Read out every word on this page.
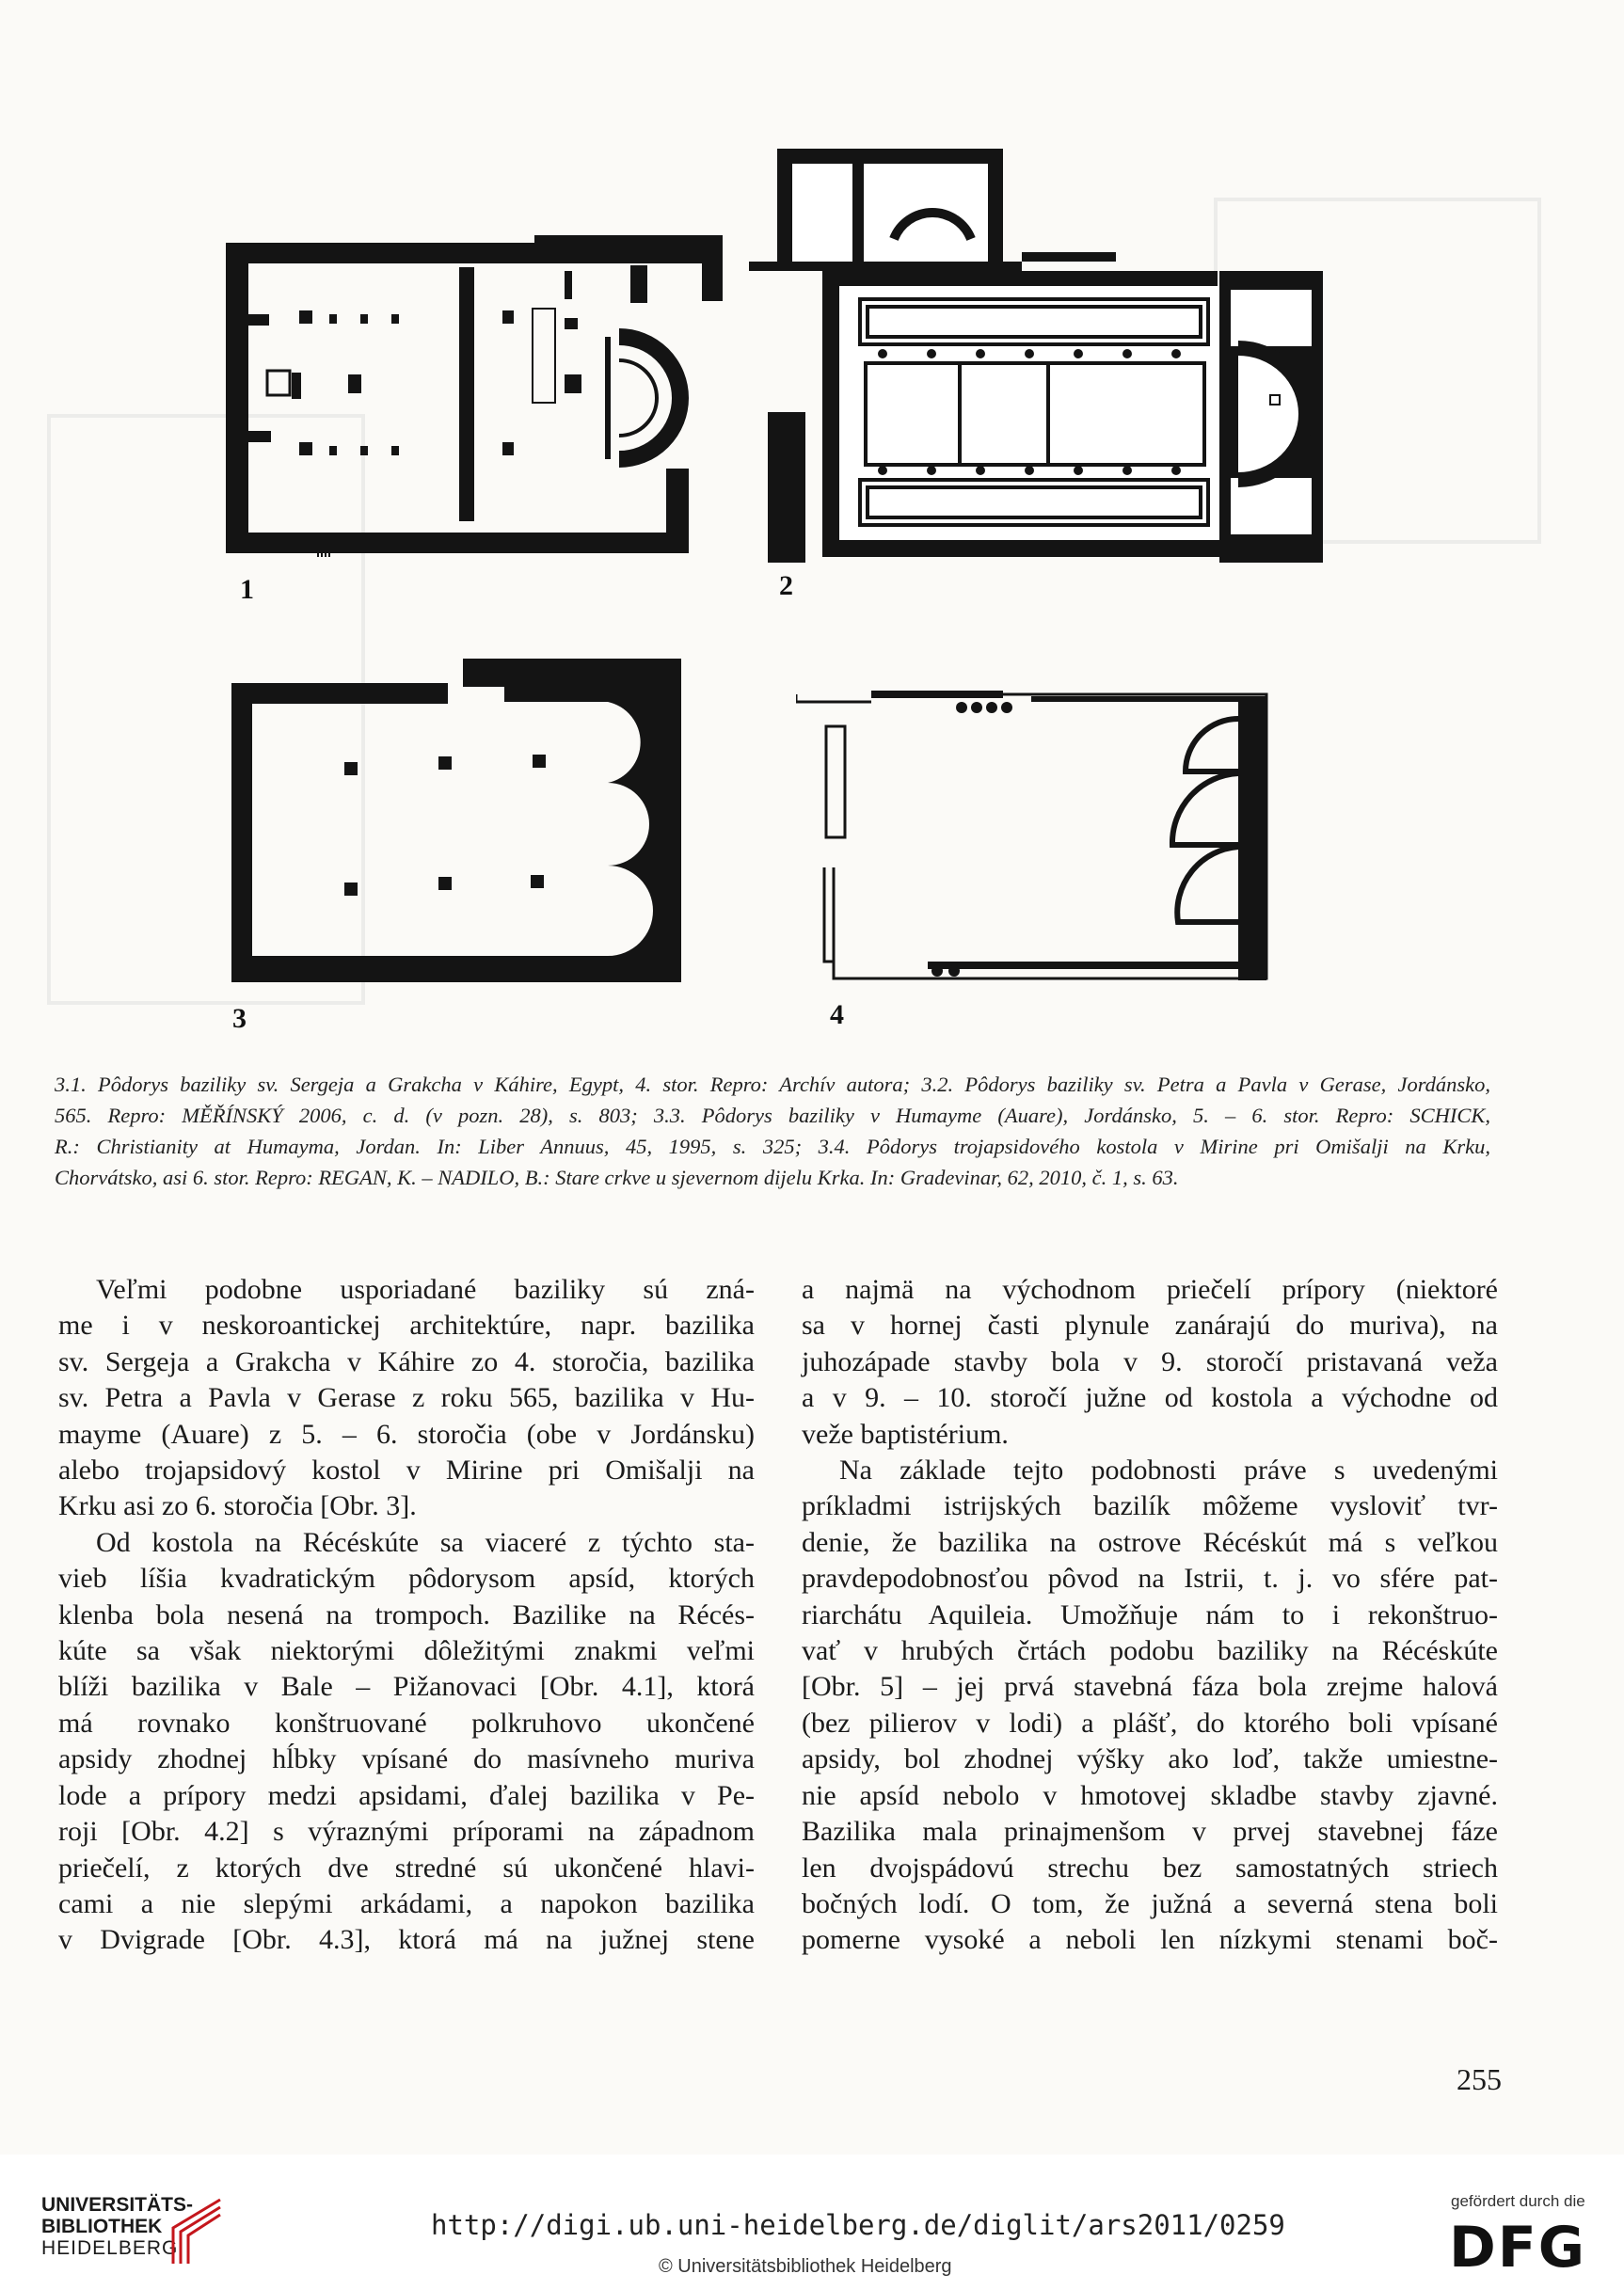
1	2
3	4

3.1. Pôdorys baziliky sv. Sergeja a Grakcha v Káhire, Egypt, 4. stor. Repro: Archív autora; 3.2. Pôdorys baziliky sv. Petra a Pavla v Gerase, Jordánsko,

565. Repro: MĚŘÍNSKÝ 2006, c. d. (v pozn. 28), s. 803; 3.3. Pôdorys baziliky v Humayme (Auare), Jordánsko, 5. – 6. stor. Repro: SCHICK,

R.: Christianity at Humayma, Jordan. In: Liber Annuus, 45, 1995, s. 325; 3.4. Pôdorys trojapsidového kostola v Mirine pri Omišalji na Krku,

Chorvátsko, asi 6. stor. Repro: REGAN, K. – NADILO, B.: Stare crkve u sjevernom dijelu Krka. In: Gradevinar, 62, 2010, č. 1, s. 63.

Veľmi podobne usporiadané baziliky sú zná-

me i v neskoroantickej architektúre, napr. bazilika

sv. Sergeja a Grakcha v Káhire zo 4. storočia, bazilika

sv. Petra a Pavla v Gerase z roku 565, bazilika v Hu-

mayme (Auare) z 5. – 6. storočia (obe v Jordánsku)

alebo trojapsidový kostol v Mirine pri Omišalji na

Krku asi zo 6. storočia [Obr. 3].

Od kostola na Récéskúte sa viaceré z týchto sta-

vieb líšia kvadratickým pôdorysom apsíd, ktorých

klenba bola nesená na trompoch. Bazilike na Récés-

kúte sa však niektorými dôležitými znakmi veľmi

blíži bazilika v Bale – Pižanovaci [Obr. 4.1], ktorá

má rovnako konštruované polkruhovo ukončené

apsidy zhodnej hĺbky vpísané do masívneho muriva

lode a prípory medzi apsidami, ďalej bazilika v Pe-

roji [Obr. 4.2] s výraznými príporami na západnom

priečelí, z ktorých dve stredné sú ukončené hlavi-

cami a nie slepými arkádami, a napokon bazilika

v Dvigrade [Obr. 4.3], ktorá má na južnej stene

a najmä na východnom priečelí prípory (niektoré

sa v hornej časti plynule zanárajú do muriva), na

juhozápade stavby bola v 9. storočí pristavaná veža

a v 9. – 10. storočí južne od kostola a východne od

veže baptistérium.

Na základe tejto podobnosti práve s uvedenými

príkladmi istrijských bazilík môžeme vysloviť tvr-

denie, že bazilika na ostrove Récéskút má s veľkou

pravdepodobnosťou pôvod na Istrii, t. j. vo sfére pat-

riarchátu Aquileia. Umožňuje nám to i rekonštruo-

vať v hrubých črtách podobu baziliky na Récéskúte

[Obr. 5] – jej prvá stavebná fáza bola zrejme halová

(bez pilierov v lodi) a plášť, do ktorého boli vpísané

apsidy, bol zhodnej výšky ako loď, takže umiestne-

nie apsíd nebolo v hmotovej skladbe stavby zjavné.

Bazilika mala prinajmenšom v prvej stavebnej fáze

len dvojspádovú strechu bez samostatných striech

bočných lodí. O tom, že južná a severná stena boli

pomerne vysoké a neboli len nízkymi stenami boč-

255
UNIVERSITÄTS-
BIBLIOTHEK
HEIDELBERG
http://digi.ub.uni-heidelberg.de/diglit/ars2011/0259
© Universitätsbibliothek Heidelberg
gefördert durch die
DFG
